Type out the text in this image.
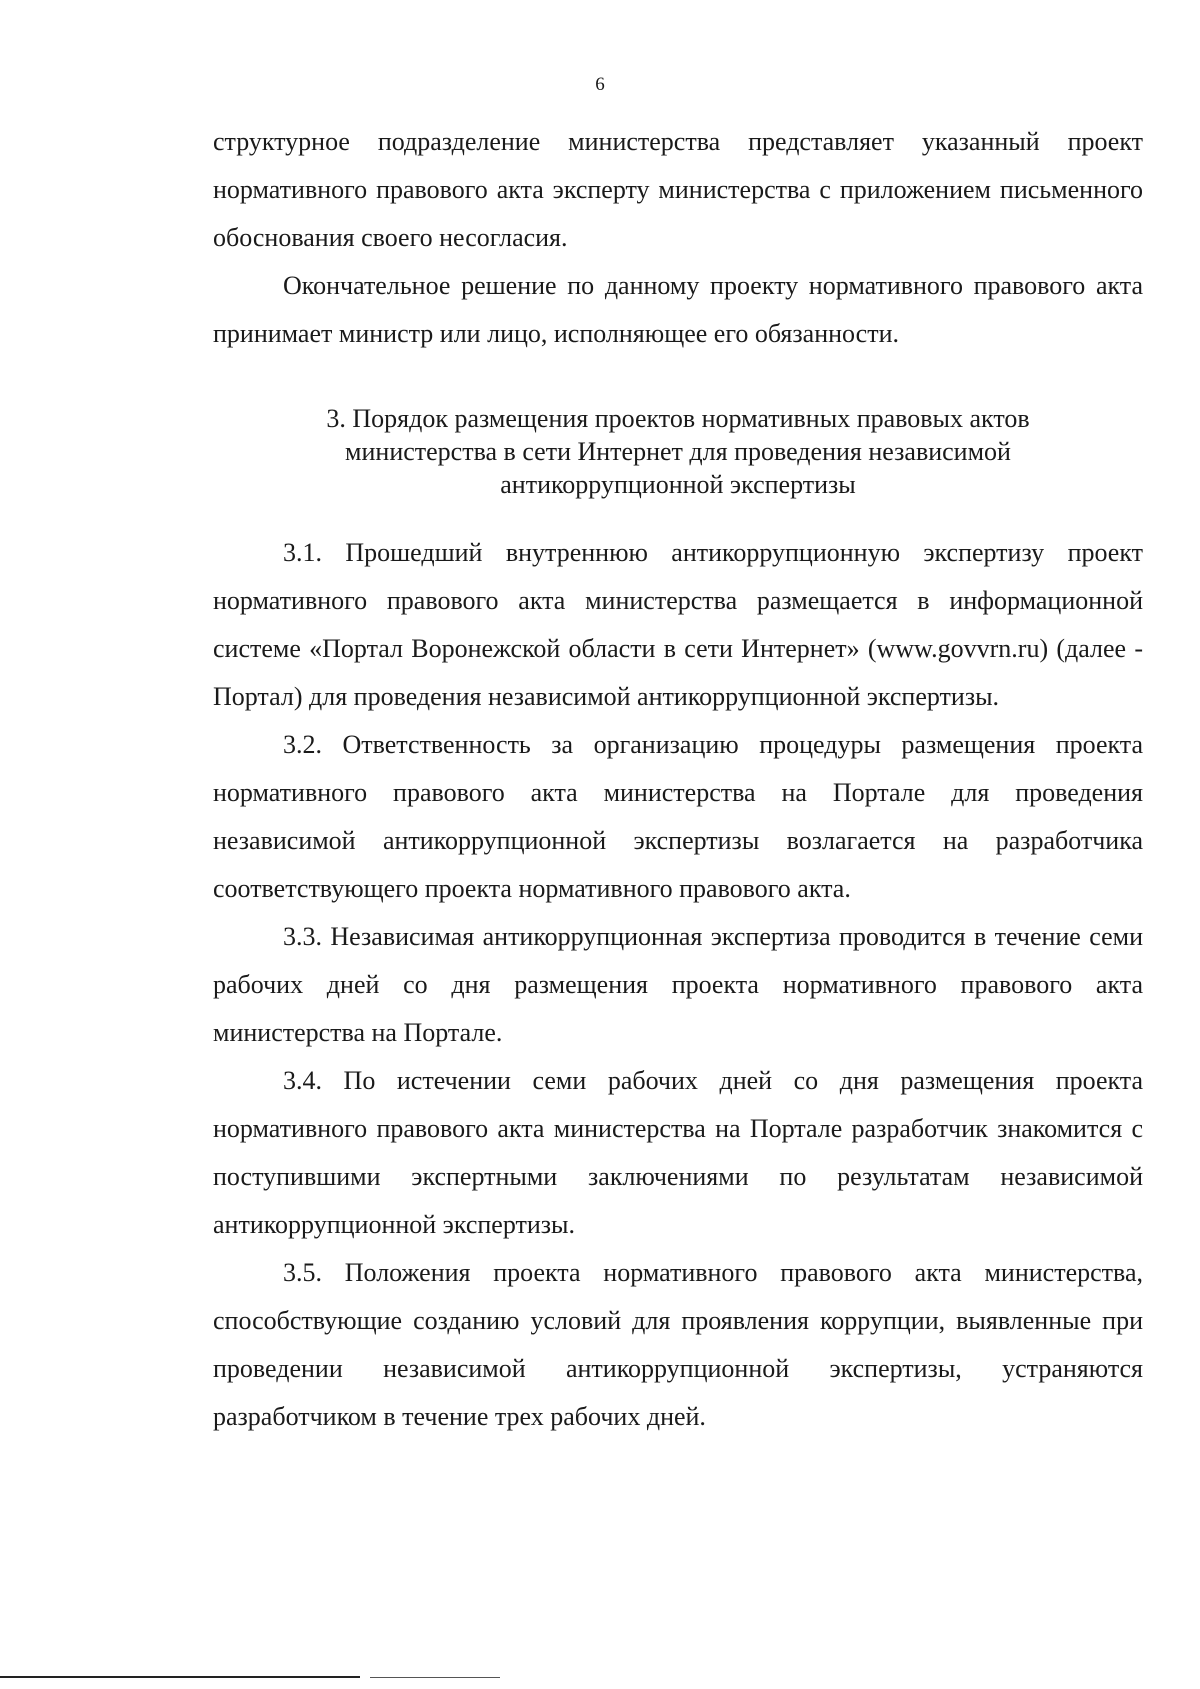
6

структурное подразделение министерства представляет указанный проект нормативного правового акта эксперту министерства с приложением письменного обоснования своего несогласия.

Окончательное решение по данному проекту нормативного правового акта принимает министр или лицо, исполняющее его обязанности.

3. Порядок размещения проектов нормативных правовых актов
министерства в сети Интернет для проведения независимой
антикоррупционной экспертизы

3.1. Прошедший внутреннюю антикоррупционную экспертизу проект нормативного правового акта министерства размещается в информационной системе «Портал Воронежской области в сети Интернет» (www.govvrn.ru) (далее - Портал) для проведения независимой антикоррупционной экспертизы.

3.2. Ответственность за организацию процедуры размещения проекта нормативного правового акта министерства на Портале для проведения независимой антикоррупционной экспертизы возлагается на разработчика соответствующего проекта нормативного правового акта.

3.3. Независимая антикоррупционная экспертиза проводится в течение семи рабочих дней со дня размещения проекта нормативного правового акта министерства на Портале.

3.4. По истечении семи рабочих дней со дня размещения проекта нормативного правового акта министерства на Портале разработчик знакомится с поступившими экспертными заключениями по результатам независимой антикоррупционной экспертизы.

3.5. Положения проекта нормативного правового акта министерства, способствующие созданию условий для проявления коррупции, выявленные при проведении независимой антикоррупционной экспертизы, устраняются разработчиком в течение трех рабочих дней.
